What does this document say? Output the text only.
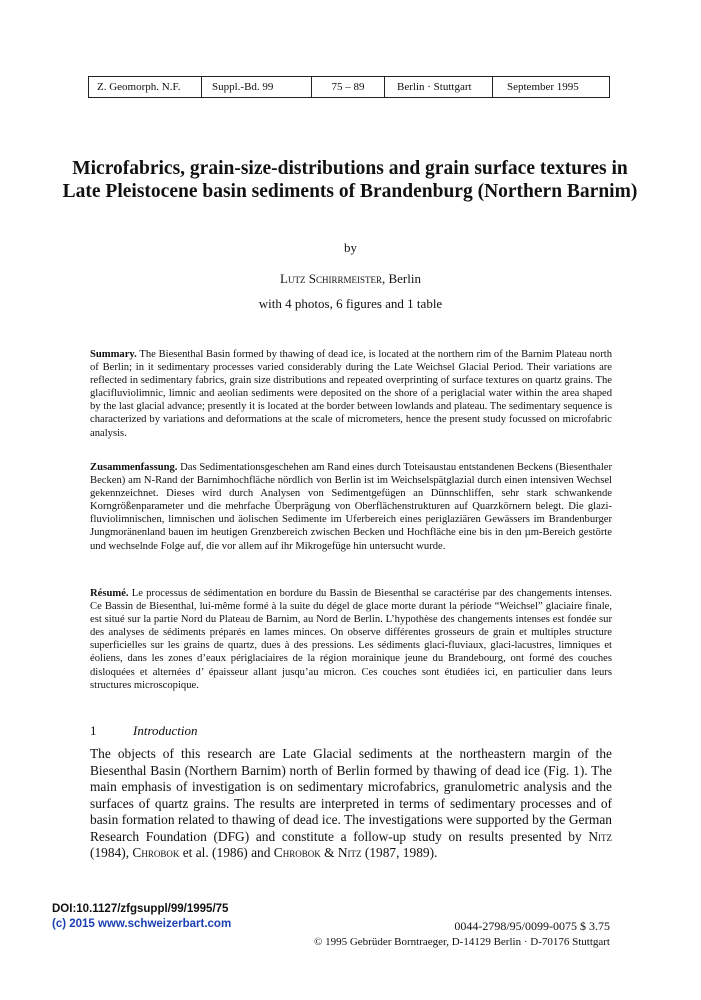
Z. Geomorph. N.F.	Suppl.-Bd. 99	75 – 89	Berlin · Stuttgart	September 1995
Microfabrics, grain-size-distributions and grain surface textures in Late Pleistocene basin sediments of Brandenburg (Northern Barnim)
by
Lutz Schirrmeister, Berlin
with 4 photos, 6 figures and 1 table

Summary. The Biesenthal Basin formed by thawing of dead ice, is located at the northern rim of the Barnim Plateau north of Berlin; in it sedimentary processes varied considerably during the Late Weichsel Glacial Period. Their variations are reflected in sedimentary fabrics, grain size distributions and repeated overprinting of surface textures on quartz grains. The glacifluviolimnic, limnic and aeolian sediments were deposited on the shore of a periglacial water within the area shaped by the last glacial advance; presently it is located at the border between lowlands and plateau. The sedimentary sequence is characterized by variations and deformations at the scale of micrometers, hence the present study focussed on microfabric analysis.

Zusammenfassung. Das Sedimentationsgeschehen am Rand eines durch Toteisaustau entstandenen Beckens (Biesenthaler Becken) am N-Rand der Barnimhochfläche nördlich von Berlin ist im Weichselspätglazial durch einen intensiven Wechsel gekennzeichnet. Dieses wird durch Analysen von Sedimentgefügen an Dünnschliffen, sehr stark schwankende Korngrößenparameter und die mehrfache Überprägung von Oberflächenstrukturen auf Quarzkörnern belegt. Die glazi-fluviolimnischen, limnischen und äolischen Sedimente im Uferbereich eines periglaziären Gewässers im Brandenburger Jungmoränenland bauen im heutigen Grenzbereich zwischen Becken und Hochfläche eine bis in den µm-Bereich gestörte und wechselnde Folge auf, die vor allem auf ihr Mikrogefüge hin untersucht wurde.

Résumé. Le processus de sédimentation en bordure du Bassin de Biesenthal se caractérise par des changements intenses. Ce Bassin de Biesenthal, lui-même formé à la suite du dégel de glace morte durant la période “Weichsel” glaciaire finale, est situé sur la partie Nord du Plateau de Barnim, au Nord de Berlin. L’hypothèse des changements intenses est fondée sur des analyses de sédiments préparés en lames minces. On observe différentes grosseurs de grain et multiples structure superficielles sur les grains de quartz, dues à des pressions. Les sédiments glaci-fluviaux, glaci-lacustres, limniques et éoliens, dans les zones d’eaux périglaciaires de la région morainique jeune du Brandebourg, ont formé des couches disloquées et alternées d’ épaisseur allant jusqu’au micron. Ces couches sont étudiées ici, en particulier dans leurs structures microscopique.

1	Introduction

The objects of this research are Late Glacial sediments at the northeastern margin of the Biesenthal Basin (Northern Barnim) north of Berlin formed by thawing of dead ice (Fig. 1). The main emphasis of investigation is on sedimentary microfabrics, granulometric analysis and the surfaces of quartz grains. The results are interpreted in terms of sedimentary processes and of basin formation related to thawing of dead ice. The investigations were supported by the German Research Foundation (DFG) and constitute a follow-up study on results presented by Nitz (1984), Chrobok et al. (1986) and Chrobok & Nitz (1987, 1989).

DOI:10.1127/zfgsuppl/99/1995/75
(c) 2015 www.schweizerbart.com	0044-2798/95/0099-0075 $ 3.75
© 1995 Gebrüder Borntraeger, D-14129 Berlin · D-70176 Stuttgart
